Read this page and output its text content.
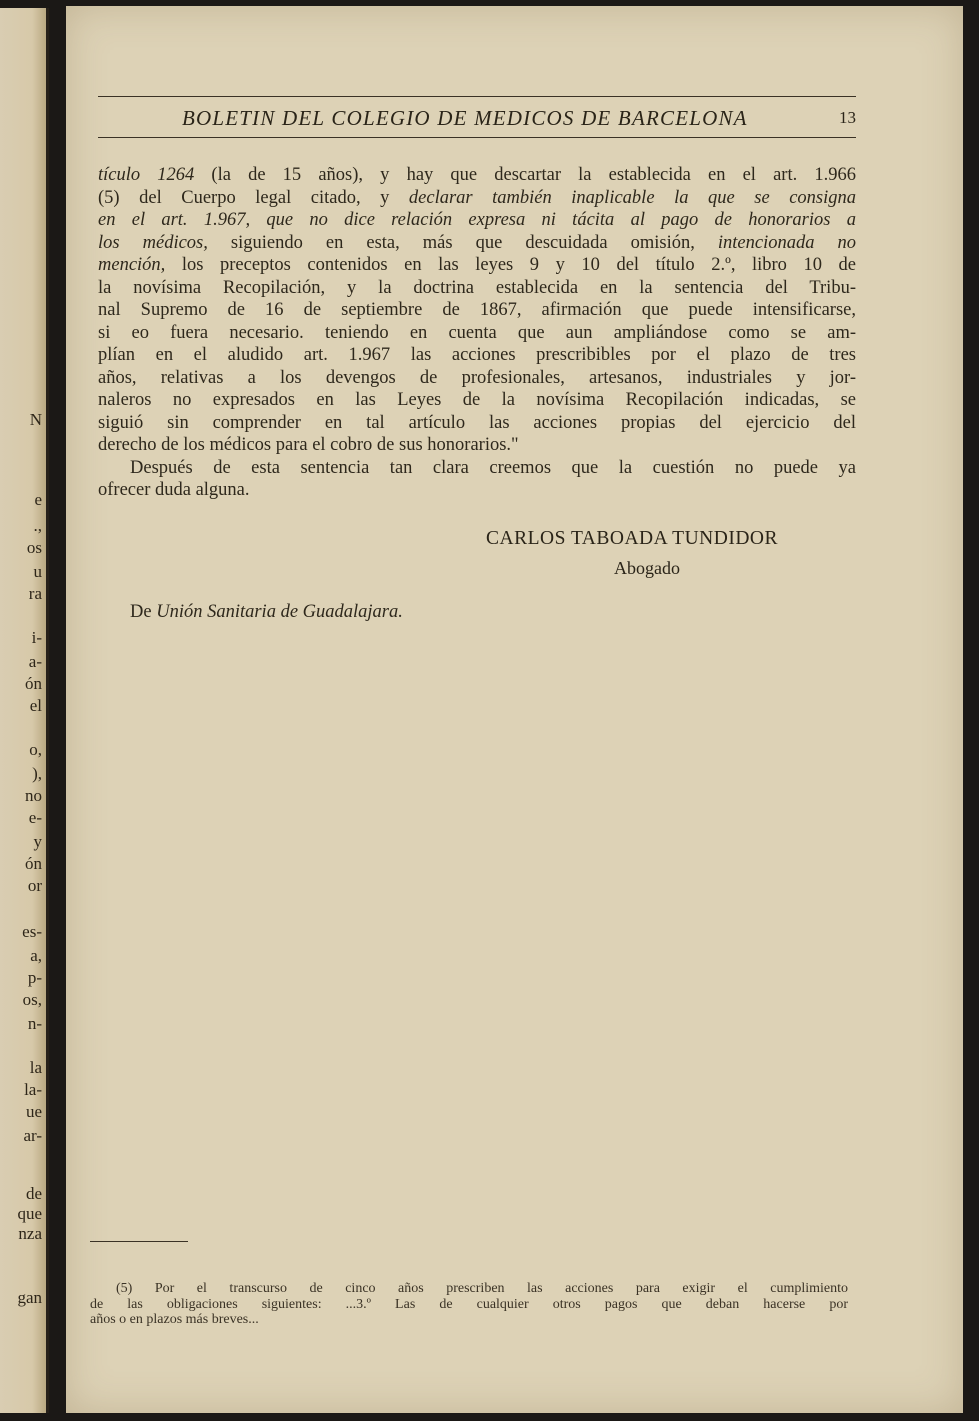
N
e
.,
os
u
ra
i-
a-
ón
el
o,
),
no
e-
y
ón
or
es-
a,
p-
os,
n-
la
la-
ue
ar-
de
que
nza
gan
BOLETIN DEL COLEGIO DE MEDICOS DE BARCELONA	13
tículo 1264 (la de 15 años), y hay que descartar la establecida en el art. 1.966
(5) del Cuerpo legal citado, y declarar también inaplicable la que se consigna
en el art. 1.967, que no dice relación expresa ni tácita al pago de honorarios a
los médicos, siguiendo en esta, más que descuidada omisión, intencionada no
mención, los preceptos contenidos en las leyes 9 y 10 del título 2.º, libro 10 de
la novísima Recopilación, y la doctrina establecida en la sentencia del Tribu-
nal Supremo de 16 de septiembre de 1867, afirmación que puede intensificarse,
si eo fuera necesario. teniendo en cuenta que aun ampliándose como se am-
plían en el aludido art. 1.967 las acciones prescribibles por el plazo de tres
años, relativas a los devengos de profesionales, artesanos, industriales y jor-
naleros no expresados en las Leyes de la novísima Recopilación indicadas, se
siguió sin comprender en tal artículo las acciones propias del ejercicio del
derecho de los médicos para el cobro de sus honorarios."
Después de esta sentencia tan clara creemos que la cuestión no puede ya
ofrecer duda alguna.
CARLOS TABOADA TUNDIDOR
Abogado
De Unión Sanitaria de Guadalajara.
(5) Por el transcurso de cinco años prescriben las acciones para exigir el cumplimiento
de las obligaciones siguientes: ...3.º Las de cualquier otros pagos que deban hacerse por
años o en plazos más breves...
